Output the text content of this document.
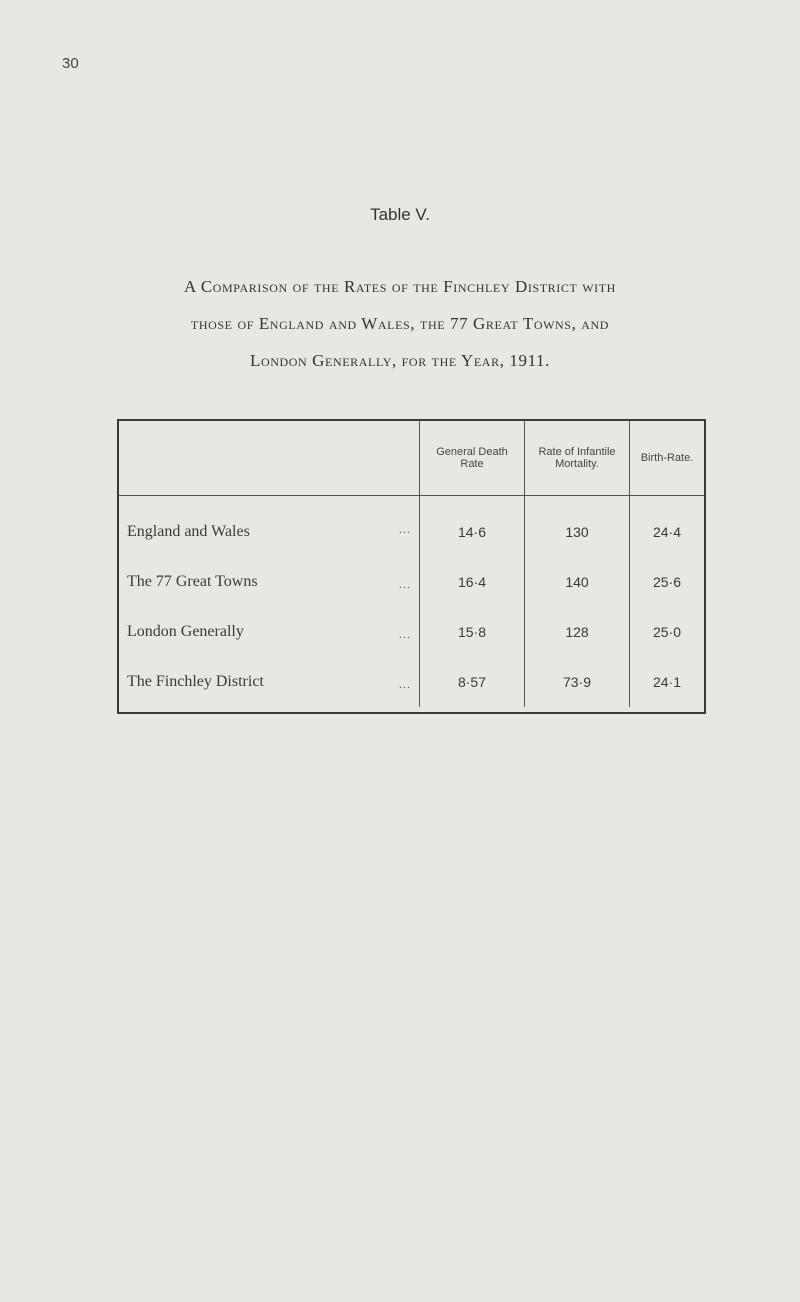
30
Table V.
A Comparison of the Rates of the Finchley District with
those of England and Wales, the 77 Great Towns, and
London Generally, for the Year, 1911.
	General Death Rate	Rate of Infantile Mortality.	Birth-Rate.
England and Wales ...	14·6	130	24·4
The 77 Great Towns ...	16·4	140	25·6
London Generally ...	15·8	128	25·0
The Finchley District ...	8·57	73·9	24·1
